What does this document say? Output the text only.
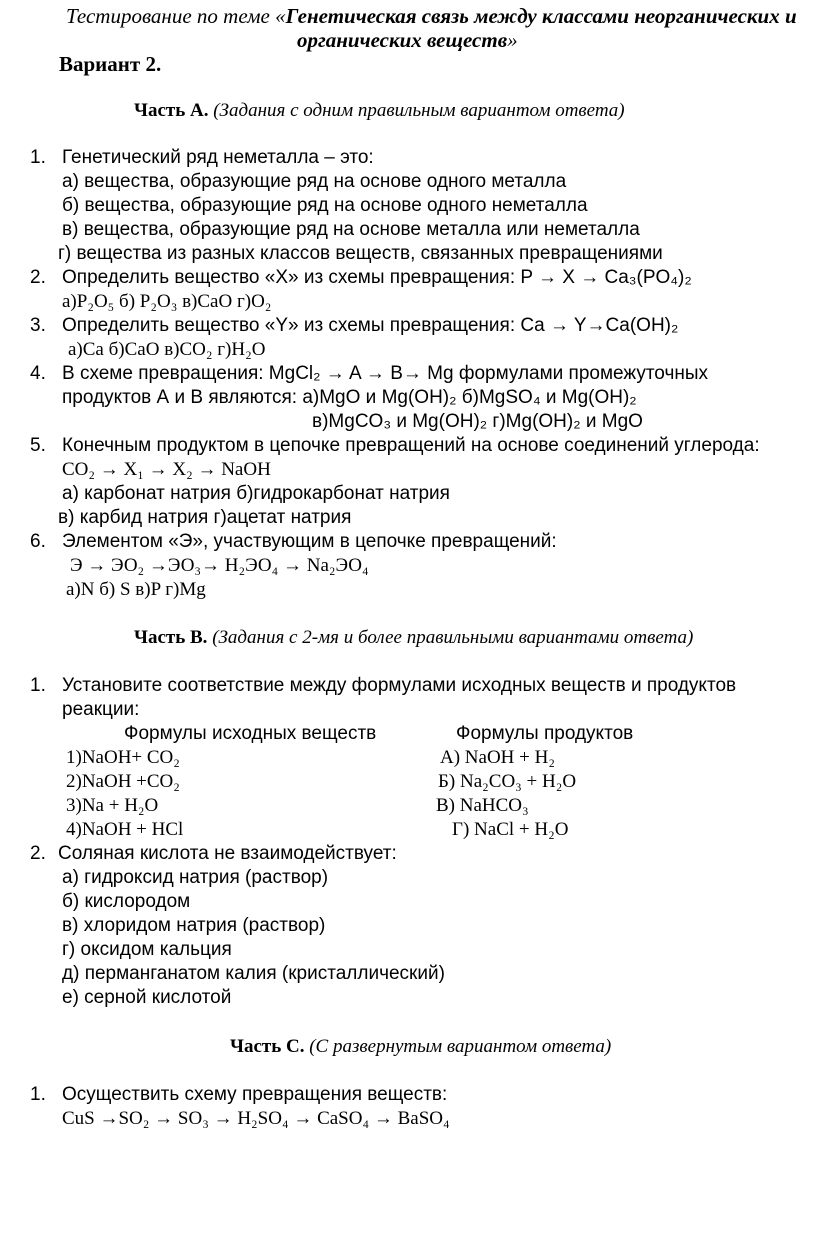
Тестирование по теме «Генетическая связь между классами неорганических и
органических веществ»
Вариант 2.
Часть А. (Задания с одним правильным вариантом ответа)
1. Генетический ряд неметалла – это:
а) вещества, образующие ряд на основе одного металла
б) вещества, образующие ряд на основе одного неметалла
в) вещества, образующие ряд на основе металла или неметалла
г) вещества из разных классов веществ, связанных превращениями
2. Определить вещество «X» из схемы превращения: P → X → Ca₃(PO₄)₂
а)P₂O₅ б) P₂O₃ в)CaO г)O₂
3. Определить вещество «Y» из схемы превращения: Ca → Y→Ca(OH)₂
а)Ca б)CaO в)CO₂ г)H₂O
4. В схеме превращения: MgCl₂ → A → B→ Mg формулами промежуточных
продуктов А и В являются: а)MgO и Mg(OH)₂ б)MgSO₄ и Mg(OH)₂
в)MgCO₃ и Mg(OH)₂ г)Mg(OH)₂ и MgO
5. Конечным продуктом в цепочке превращений на основе соединений углерода:
CO₂ → X₁ → X₂ → NaOH
а) карбонат натрия б)гидрокарбонат натрия
в) карбид натрия г)ацетат натрия
6. Элементом «Э», участвующим в цепочке превращений:
Э → ЭО₂ →ЭО₃→ H₂ЭО₄ → Na₂ЭО₄
а)N б) S в)P г)Mg
Часть В. (Задания с 2-мя и более правильными вариантами ответа)
1. Установите соответствие между формулами исходных веществ и продуктов
реакции:
Формулы исходных веществ	Формулы продуктов
1)NaOH+ CO₂	А) NaOH + H₂
2)NaOH +CO₂	Б) Na₂CO₃ + H₂O
3)Na + H₂O	В) NaHCO₃
4)NaOH + HCl	Г) NaCl + H₂O
2. Соляная кислота не взаимодействует:
а) гидроксид натрия (раствор)
б) кислородом
в) хлоридом натрия (раствор)
г) оксидом кальция
д) перманганатом калия (кристаллический)
е) серной кислотой
Часть С. (С развернутым вариантом ответа)
1. Осуществить схему превращения веществ:
CuS →SO₂ → SO₃ → H₂SO₄ → CaSO₄ → BaSO₄
